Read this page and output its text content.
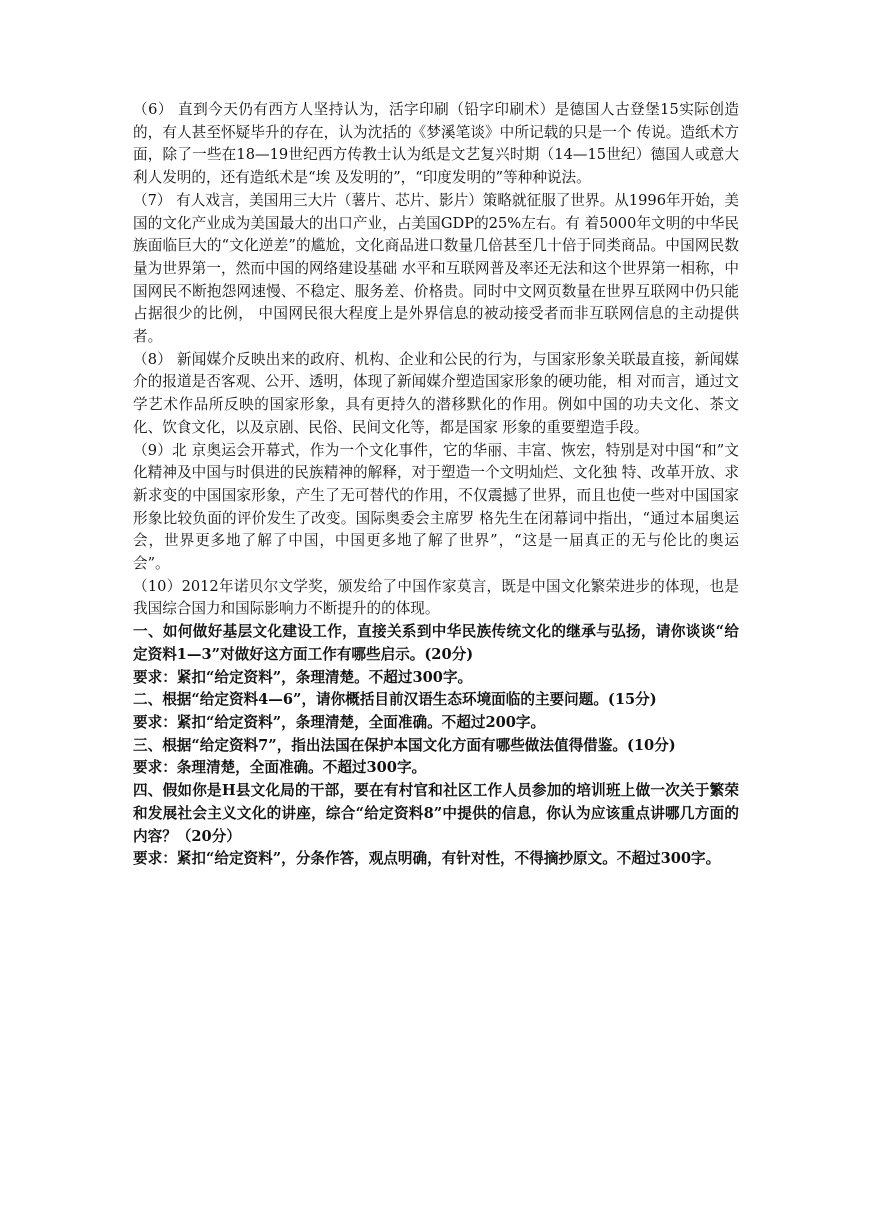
（6） 直到今天仍有西方人坚持认为，活字印刷（铅字印刷术）是德国人古登堡15实际创造的，有人甚至怀疑毕升的存在，认为沈括的《梦溪笔谈》中所记载的只是一个 传说。造纸术方面，除了一些在18—19世纪西方传教士认为纸是文艺复兴时期（14—15世纪）德国人或意大利人发明的，还有造纸术是“埃 及发明的”，“印度发明的”等种种说法。

（7） 有人戏言，美国用三大片（薯片、芯片、影片）策略就征服了世界。从1996年开始，美国的文化产业成为美国最大的出口产业，占美国GDP的25%左右。有 着5000年文明的中华民族面临巨大的“文化逆差”的尴尬，文化商品进口数量几倍甚至几十倍于同类商品。中国网民数量为世界第一，然而中国的网络建设基础 水平和互联网普及率还无法和这个世界第一相称，中国网民不断抱怨网速慢、不稳定、服务差、价格贵。同时中文网页数量在世界互联网中仍只能占据很少的比例， 中国网民很大程度上是外界信息的被动接受者而非互联网信息的主动提供者。

（8） 新闻媒介反映出来的政府、机构、企业和公民的行为，与国家形象关联最直接，新闻媒介的报道是否客观、公开、透明，体现了新闻媒介塑造国家形象的硬功能，相 对而言，通过文学艺术作品所反映的国家形象，具有更持久的潜移默化的作用。例如中国的功夫文化、茶文化、饮食文化，以及京剧、民俗、民间文化等，都是国家 形象的重要塑造手段。

（9）北 京奥运会开幕式，作为一个文化事件，它的华丽、丰富、恢宏，特别是对中国“和”文化精神及中国与时俱进的民族精神的解释，对于塑造一个文明灿烂、文化独 特、改革开放、求新求变的中国国家形象，产生了无可替代的作用，不仅震撼了世界，而且也使一些对中国国家形象比较负面的评价发生了改变。国际奥委会主席罗 格先生在闭幕词中指出，“通过本届奥运会，世界更多地了解了中国，中国更多地了解了世界”，“这是一届真正的无与伦比的奥运会”。

（10）2012年诺贝尔文学奖，颁发给了中国作家莫言，既是中国文化繁荣进步的体现，也是我国综合国力和国际影响力不断提升的的体现。

一、如何做好基层文化建设工作，直接关系到中华民族传统文化的继承与弘扬，请你谈谈“给定资料1—3”对做好这方面工作有哪些启示。(20分)

要求：紧扣“给定资料”，条理清楚。不超过300字。

二、根据“给定资料4—6”，请你概括目前汉语生态环境面临的主要问题。(15分)

要求：紧扣“给定资料”，条理清楚，全面准确。不超过200字。

三、根据“给定资料7”，指出法国在保护本国文化方面有哪些做法值得借鉴。(10分)

要求：条理清楚，全面准确。不超过300字。

四、假如你是H县文化局的干部，要在有村官和社区工作人员参加的培训班上做一次关于繁荣和发展社会主义文化的讲座，综合“给定资料8”中提供的信息，你认为应该重点讲哪几方面的内容？（20分）

要求：紧扣“给定资料”，分条作答，观点明确，有针对性，不得摘抄原文。不超过300字。
